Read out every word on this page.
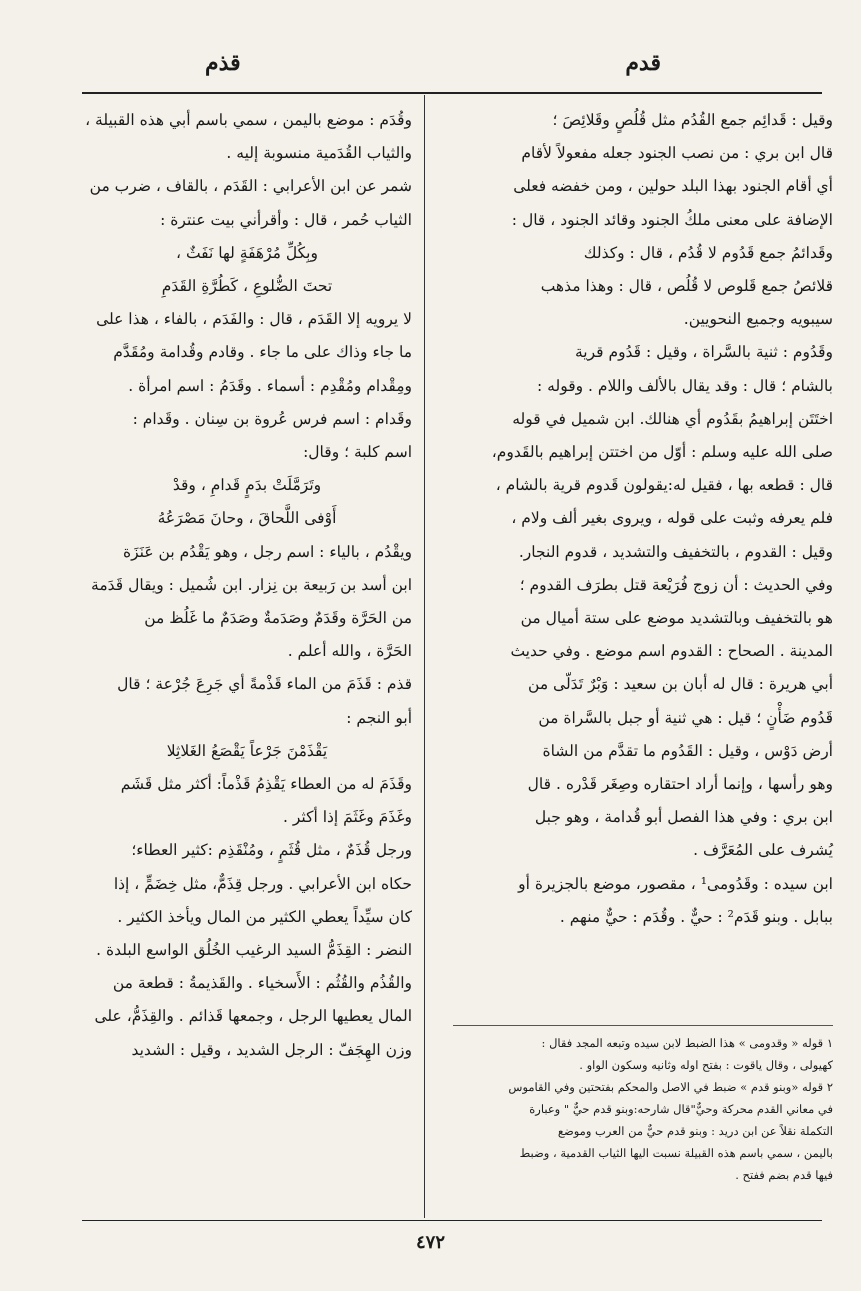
قدم
قذم

وقيل : قَدائِم جمع القُدُم مثل قُلُصٍ وقَلائِصَ ؛

قال ابن بري : من نصب الجنود جعله مفعولاً لأقام

أي أقام الجنود بهذا البلد حولين ، ومن خفضه فعلى

الإضافة على معنى ملكُ الجنود وقائد الجنود ، قال :

وقَدائمُ جمع قَدُوم لا قُدُم ، قال : وكذلك

قلائصُ جمع قَلوص لا قُلُص ، قال : وهذا مذهب

سيبويه وجميع النحويين.

وقَدُوم : ثنية بالسَّراة ، وقيل : قَدُوم قرية

بالشام ؛ قال : وقد يقال بالألف واللام . وقوله :

اختَتَن إبراهيمُ بقَدُوم أي هنالك. ابن شميل في قوله

صلى الله عليه وسلم : أوّل من اختتن إبراهيم بالقَدوم،

قال : قطعه بها ، فقيل له:يقولون قَدوم قرية بالشام ،

فلم يعرفه وثبت على قوله ، ويروى بغير ألف ولام ،

وقيل : القدوم ، بالتخفيف والتشديد ، قدوم النجار.

وفي الحديث : أن زوج فُرَيْعة قتل بطرَف القدوم ؛

هو بالتخفيف وبالتشديد موضع على ستة أميال من

المدينة . الصحاح : القدوم اسم موضع . وفي حديث

أبي هريرة : قال له أبان بن سعيد : وَبْرٌ تَدَلّى من

قَدُوم ضَأْنٍ ؛ قيل : هي ثنية أو جبل بالسَّراة من

أرض دَوْس ، وقيل : القَدُوم ما تقدَّم من الشاة

وهو رأسها ، وإنما أراد احتقاره وصِغَر قَدْره . قال

ابن بري : وفي هذا الفصل أبو قُدامة ، وهو جبل

يُشرف على المُعَرَّف .

ابن سيده : وقَدُومى¹ ، مقصور، موضع بالجزيرة أو

ببابل . وبنو قَدَم² : حيٌّ . وقُدَم : حيٌّ منهم .

١ قوله « وقدومى » هذا الضبط لابن سيده وتبعه المجد فقال :

كهيولى ، وقال ياقوت : بفتح اوله وثانيه وسكون الواو .

٢ قوله «وبنو قدم » ضبط في الاصل والمحكم بفتحتين وفي القاموس

في معاني القدم محركة وحيٌّ"قال شارحه:وبنو قدم حيٌّ " وعبارة

التكملة نقلاً عن ابن دريد : وبنو قدم حيٌّ من العرب وموضع

باليمن ، سمي باسم هذه القبيلة نسبت اليها الثياب القدمية ، وضبط

فيها قدم بضم ففتح .

وقُدَم : موضع باليمن ، سمي باسم أبي هذه القبيلة ،

والثياب القُدَمية منسوبة إليه .

شمر عن ابن الأعرابي : القَدَم ، بالقاف ، ضرب من

الثياب حُمر ، قال : وأقرأني بيت عنترة :

وبِكُلِّ مُرْهَفَةٍ لها نَفَثٌ ،

تحتَ الضُّلوعِ ، كَطُرَّةِ القَدَمِ

لا يرويه إلا القَدَم ، قال : والفَدَم ، بالفاء ، هذا على

ما جاء وذاك على ما جاء . وقادم وقُدامة ومُقَدَّم

ومِقْدام ومُقْدِم : أسماء . وقَدَمُ : اسم امرأة .

وقَدام : اسم فرس عُروة بن سِنان . وقَدام :

اسم كلبة ؛ وقال:

وتَرَمَّلَتْ بدَمٍ قَدامِ ، وقدْ

أَوْفى اللَّحاقَ ، وحانَ مَصْرَعُهُ

ويقْدُم ، بالياء : اسم رجل ، وهو يَقْدُم بن عَنَزَة

ابن أسد بن رَبيعة بن نِزار. ابن شُميل : ويقال قَدَمة

من الحَرَّة وقَدَمٌ وصَدَمةٌ وصَدَمٌ ما غَلُظ من

الحَرَّة ، والله أعلم .

قذم : قَذَمَ من الماء قَذْمةً أي جَرِعَ جُرْعة ؛ قال

أبو النجم :

يَقْذَمْنَ جَرْعاً يَقْصَعُ الغَلاثِلا

وقَذَمَ له من العطاء يَقْذِمُ قَذْماً: أكثر مثل قَشَم

وغَذَمَ وغَثَمَ إذا أكثر .

ورجل قُذَمٌ ، مثل قُثَمٍ ، ومُنْقَذِم :كثير العطاء؛

حكاه ابن الأعرابي . ورجل قِذَمٌّ، مثل خِضَمٍّ ، إذا

كان سيِّداً يعطي الكثير من المال ويأخذ الكثير .

النضر : القِذَمُّ السيد الرغيب الخُلُق الواسع البلدة .

والقُذُم والقُثُم : الأَسخياء . والقَذيمةُ : قطعة من

المال يعطيها الرجل ، وجمعها قَذائم . والقِذَمُّ، على

وزن الهِجَفّ : الرجل الشديد ، وقيل : الشديد

٤٧٢
